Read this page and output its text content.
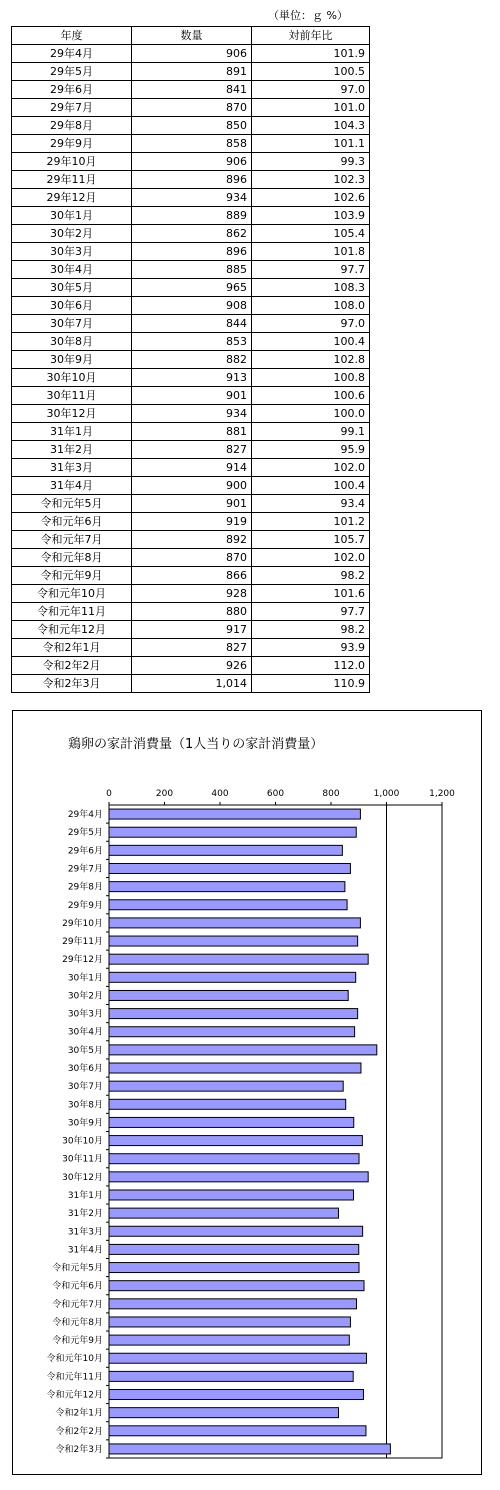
（単位：ｇ %）
年度	数量	対前年比
29年4月	906	101.9
29年5月	891	100.5
29年6月	841	97.0
29年7月	870	101.0
29年8月	850	104.3
29年9月	858	101.1
29年10月	906	99.3
29年11月	896	102.3
29年12月	934	102.6
30年1月	889	103.9
30年2月	862	105.4
30年3月	896	101.8
30年4月	885	97.7
30年5月	965	108.3
30年6月	908	108.0
30年7月	844	97.0
30年8月	853	100.4
30年9月	882	102.8
30年10月	913	100.8
30年11月	901	100.6
30年12月	934	100.0
31年1月	881	99.1
31年2月	827	95.9
31年3月	914	102.0
31年4月	900	100.4
令和元年5月	901	93.4
令和元年6月	919	101.2
令和元年7月	892	105.7
令和元年8月	870	102.0
令和元年9月	866	98.2
令和元年10月	928	101.6
令和元年11月	880	97.7
令和元年12月	917	98.2
令和2年1月	827	93.9
令和2年2月	926	112.0
令和2年3月	1,014	110.9
鶏卵の家計消費量（1人当りの家計消費量）
0	200	400	600	800	1,000	1,200
29年4月
29年5月
29年6月
29年7月
29年8月
29年9月
29年10月
29年11月
29年12月
30年1月
30年2月
30年3月
30年4月
30年5月
30年6月
30年7月
30年8月
30年9月
30年10月
30年11月
30年12月
31年1月
31年2月
31年3月
31年4月
令和元年5月
令和元年6月
令和元年7月
令和元年8月
令和元年9月
令和元年10月
令和元年11月
令和元年12月
令和2年1月
令和2年2月
令和2年3月
